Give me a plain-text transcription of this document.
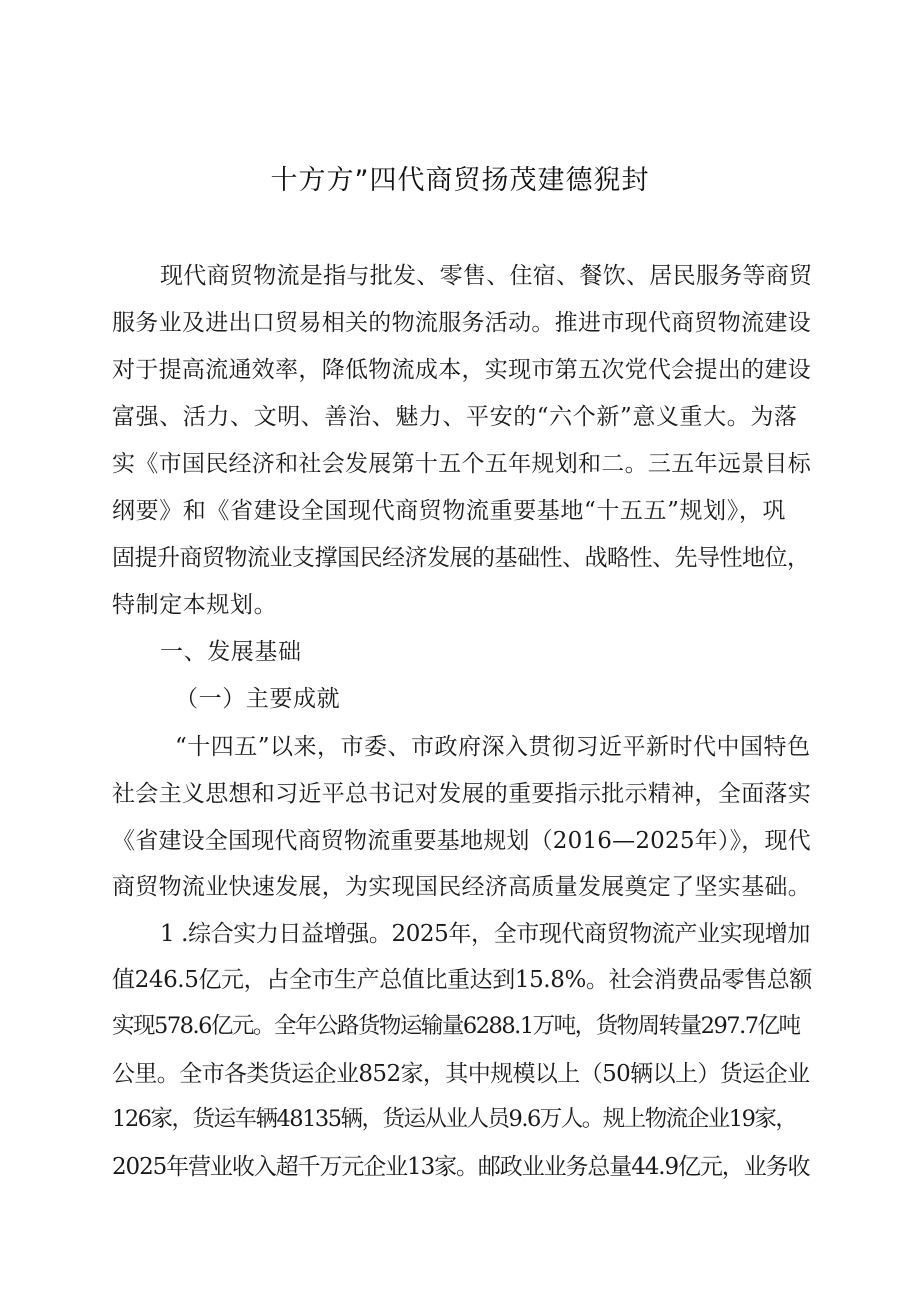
十方方”四代商贸扬茂建德猊封
现代商贸物流是指与批发、零售、住宿、餐饮、居民服务等商贸
服务业及进出口贸易相关的物流服务活动。推进市现代商贸物流建设
对于提高流通效率，降低物流成本，实现市第五次党代会提出的建设
富强、活力、文明、善治、魅力、平安的“六个新”意义重大。为落
实《市国民经济和社会发展第十五个五年规划和二。三五年远景目标
纲要》和《省建设全国现代商贸物流重要基地“十五五”规划》，巩
固提升商贸物流业支撑国民经济发展的基础性、战略性、先导性地位，
特制定本规划。
一、发展基础
（一）主要成就
“十四五”以来，市委、市政府深入贯彻习近平新时代中国特色
社会主义思想和习近平总书记对发展的重要指示批示精神，全面落实
《省建设全国现代商贸物流重要基地规划（2016—2025年）》，现代
商贸物流业快速发展，为实现国民经济高质量发展奠定了坚实基础。
1 .综合实力日益增强。2025年，全市现代商贸物流产业实现增加
值246.5亿元，占全市生产总值比重达到15.8%。社会消费品零售总额
实现578.6亿元。全年公路货物运输量6288.1万吨，货物周转量297.7亿吨
公里。全市各类货运企业852家，其中规模以上（50辆以上）货运企业
126家，货运车辆48135辆，货运从业人员9.6万人。规上物流企业19家，
2025年营业收入超千万元企业13家。邮政业业务总量44.9亿元，业务收
